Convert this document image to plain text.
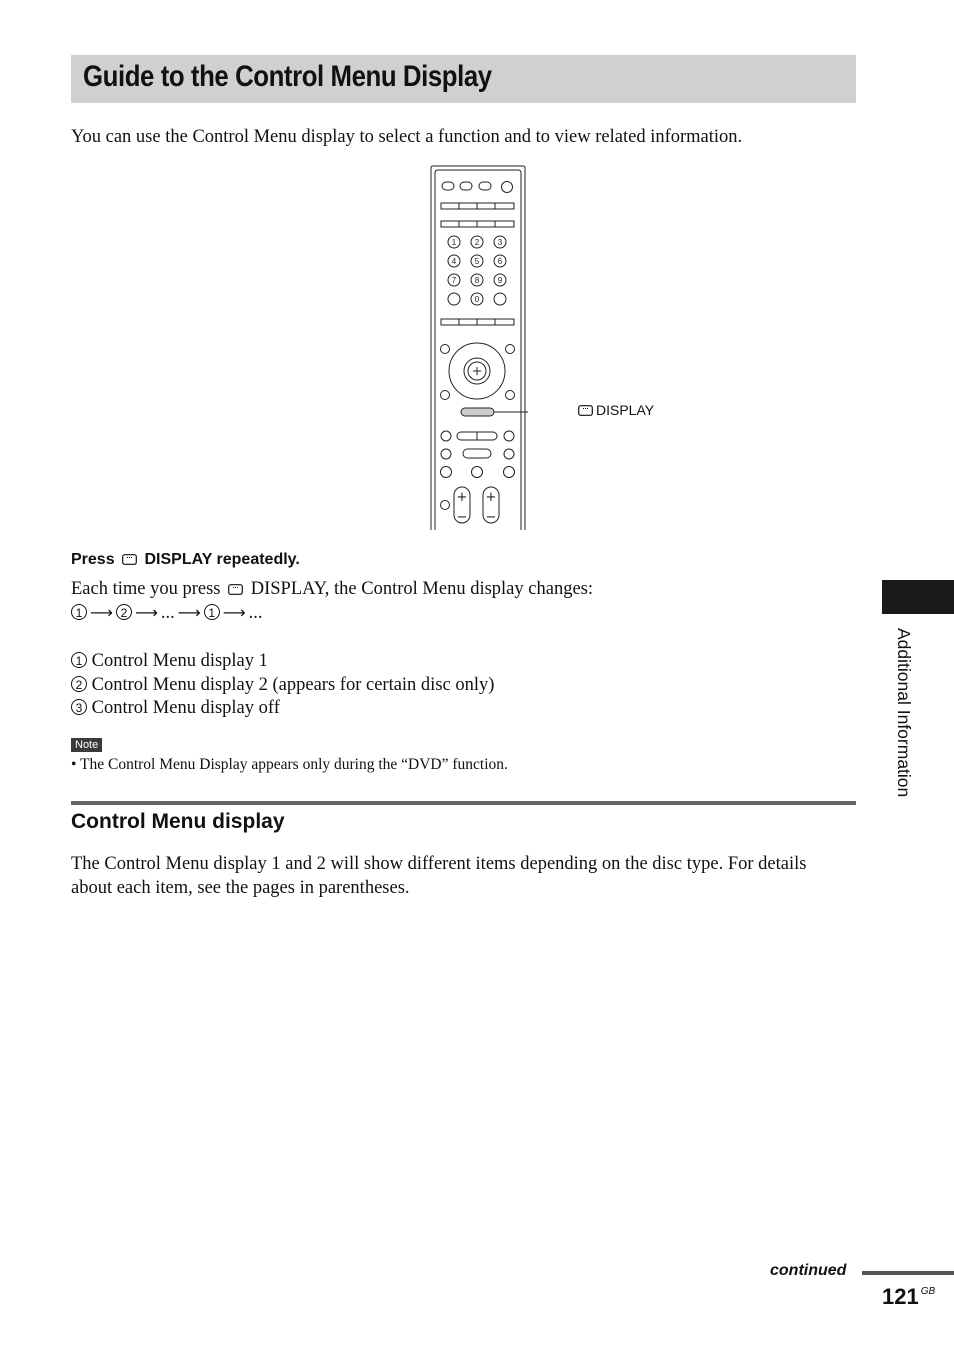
Guide to the Control Menu Display
You can use the Control Menu display to select a function and to view related information.
1 2 3
4 5 6
7 8 9
0
+
−
+
−
DISPLAY
Press DISPLAY repeatedly.
Each time you press DISPLAY, the Control Menu display changes:
1 ⟶ 2 ⟶ ... ⟶ 1 ⟶ ...
1 Control Menu display 1
2 Control Menu display 2 (appears for certain disc only)
3 Control Menu display off
Note
• The Control Menu Display appears only during the “DVD” function.
Control Menu display
The Control Menu display 1 and 2 will show different items depending on the disc type. For details
about each item, see the pages in parentheses.
Additional Information
continued
121 $^{GB}$
